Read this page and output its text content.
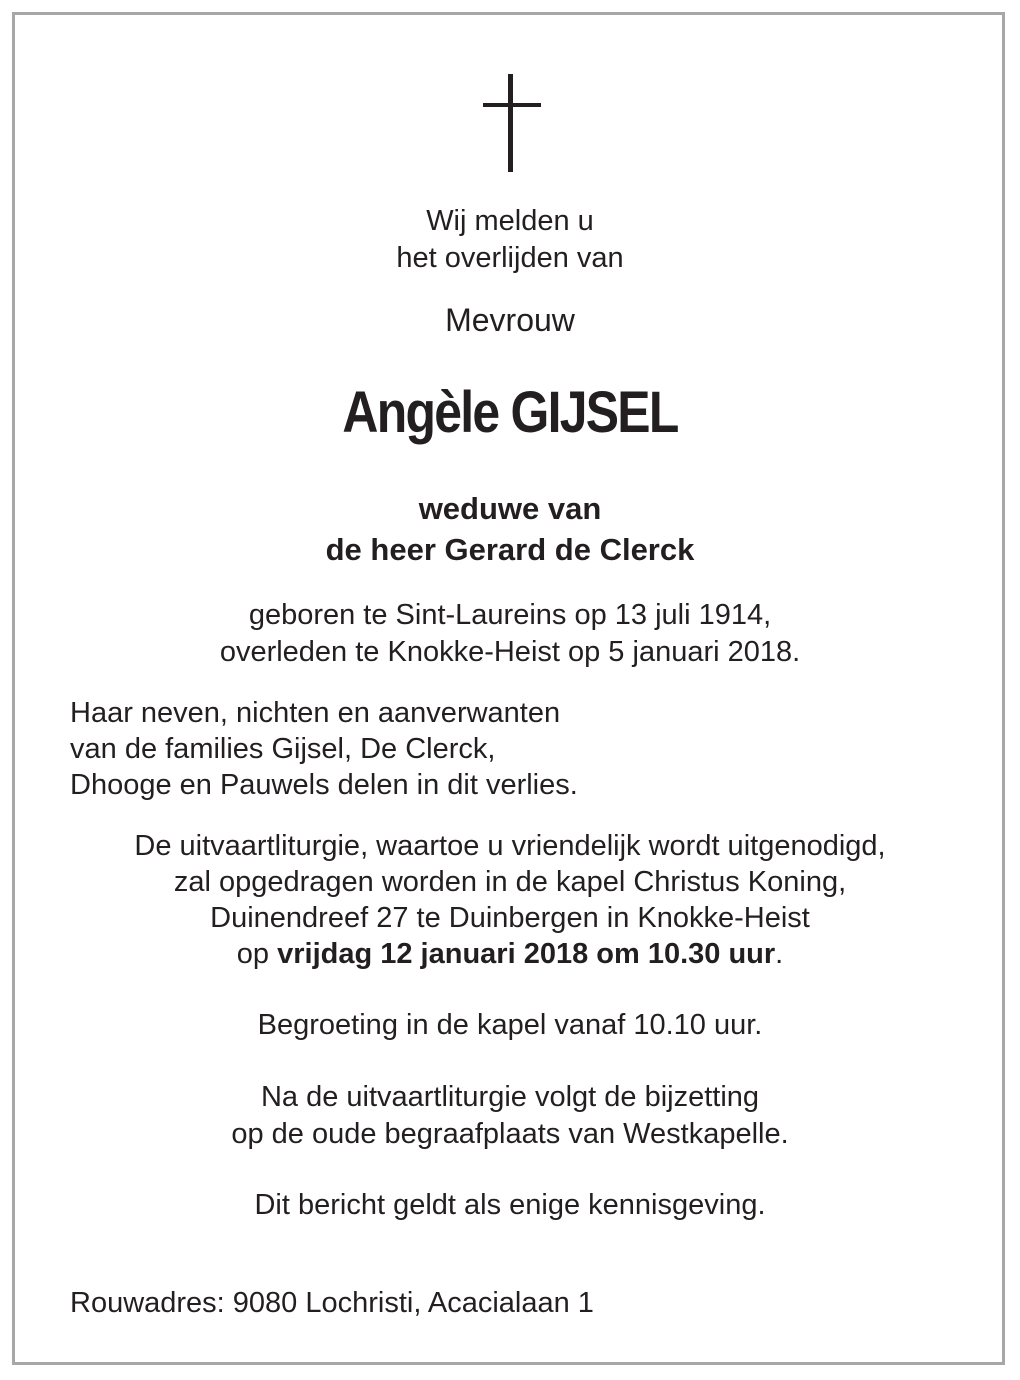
Wij melden u
het overlijden van
Mevrouw
Angèle GIJSEL
weduwe van
de heer Gerard de Clerck
geboren te Sint-Laureins op 13 juli 1914,
overleden te Knokke-Heist op 5 januari 2018.
Haar neven, nichten en aanverwanten
van de families Gijsel, De Clerck,
Dhooge en Pauwels delen in dit verlies.
De uitvaartliturgie, waartoe u vriendelijk wordt uitgenodigd,
zal opgedragen worden in de kapel Christus Koning,
Duinendreef 27 te Duinbergen in Knokke-Heist
op vrijdag 12 januari 2018 om 10.30 uur.
Begroeting in de kapel vanaf 10.10 uur.
Na de uitvaartliturgie volgt de bijzetting
op de oude begraafplaats van Westkapelle.
Dit bericht geldt als enige kennisgeving.
Rouwadres: 9080 Lochristi, Acacialaan 1
